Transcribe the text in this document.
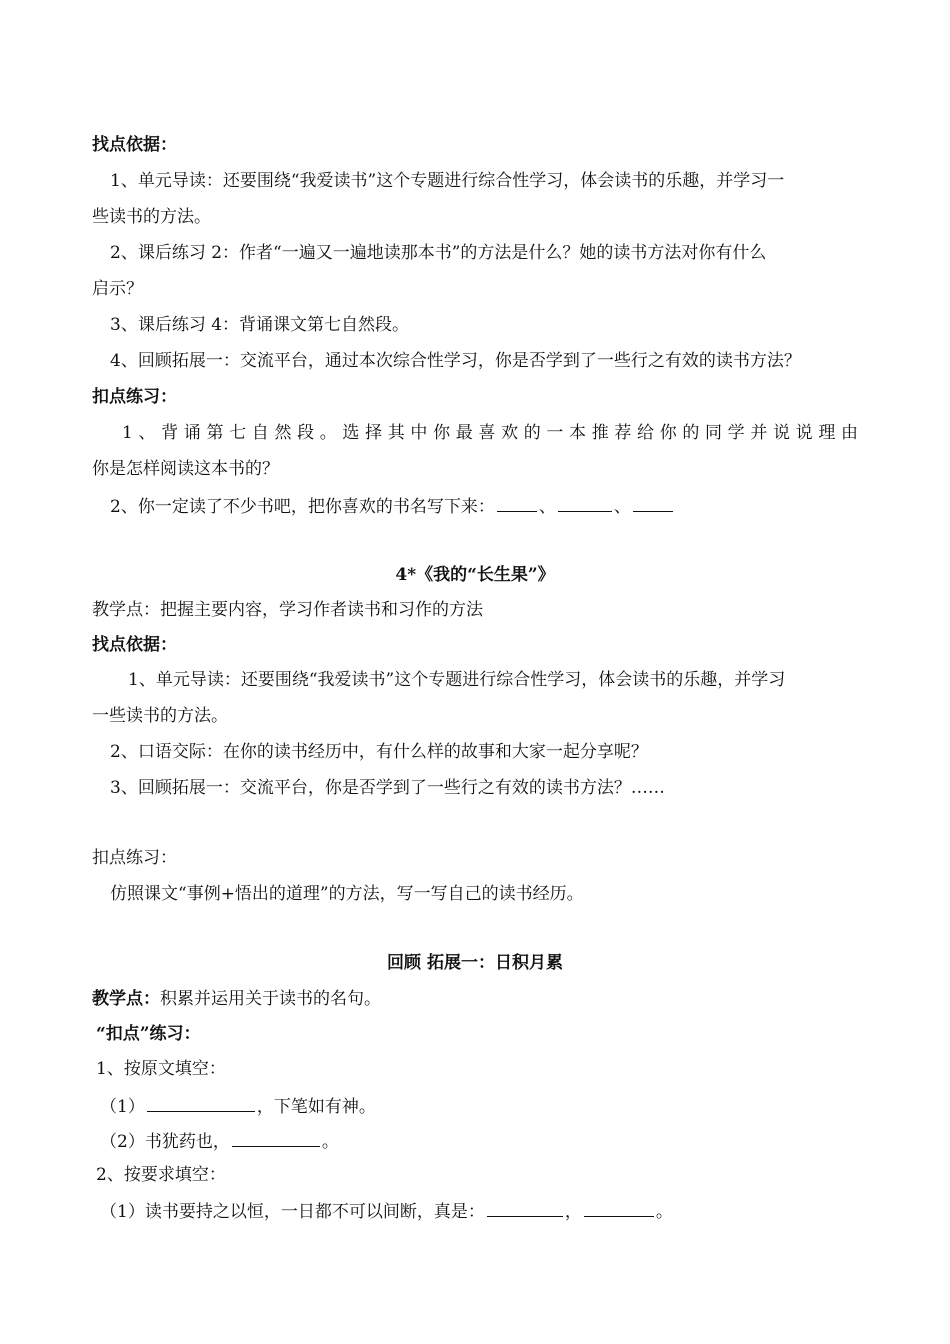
找点依据：
1、单元导读：还要围绕“我爱读书”这个专题进行综合性学习，体会读书的乐趣，并学习一
些读书的方法。
2、课后练习 2：作者“一遍又一遍地读那本书”的方法是什么？她的读书方法对你有什么
启示？
3、课后练习 4：背诵课文第七自然段。
4、回顾拓展一：交流平台，通过本次综合性学习，你是否学到了一些行之有效的读书方法？
扣点练习：
1、背诵第七自然段。选择其中你最喜欢的一本推荐给你的同学并说说理由
你是怎样阅读这本书的？
2、你一定读了不少书吧，把你喜欢的书名写下来：	、	、
4*《我的“长生果”》
教学点：把握主要内容，学习作者读书和习作的方法
找点依据：
1、单元导读：还要围绕“我爱读书”这个专题进行综合性学习，体会读书的乐趣，并学习
一些读书的方法。
2、口语交际：在你的读书经历中，有什么样的故事和大家一起分享呢？
3、回顾拓展一：交流平台，你是否学到了一些行之有效的读书方法？……
扣点练习：
仿照课文“事例+悟出的道理”的方法，写一写自己的读书经历。
回顾 拓展一：日积月累
教学点：积累并运用关于读书的名句。
“扣点”练习：
1、按原文填空：
（1）	，下笔如有神。
（2）书犹药也，	。
2、按要求填空：
（1）读书要持之以恒，一日都不可以间断，真是：	，	。
